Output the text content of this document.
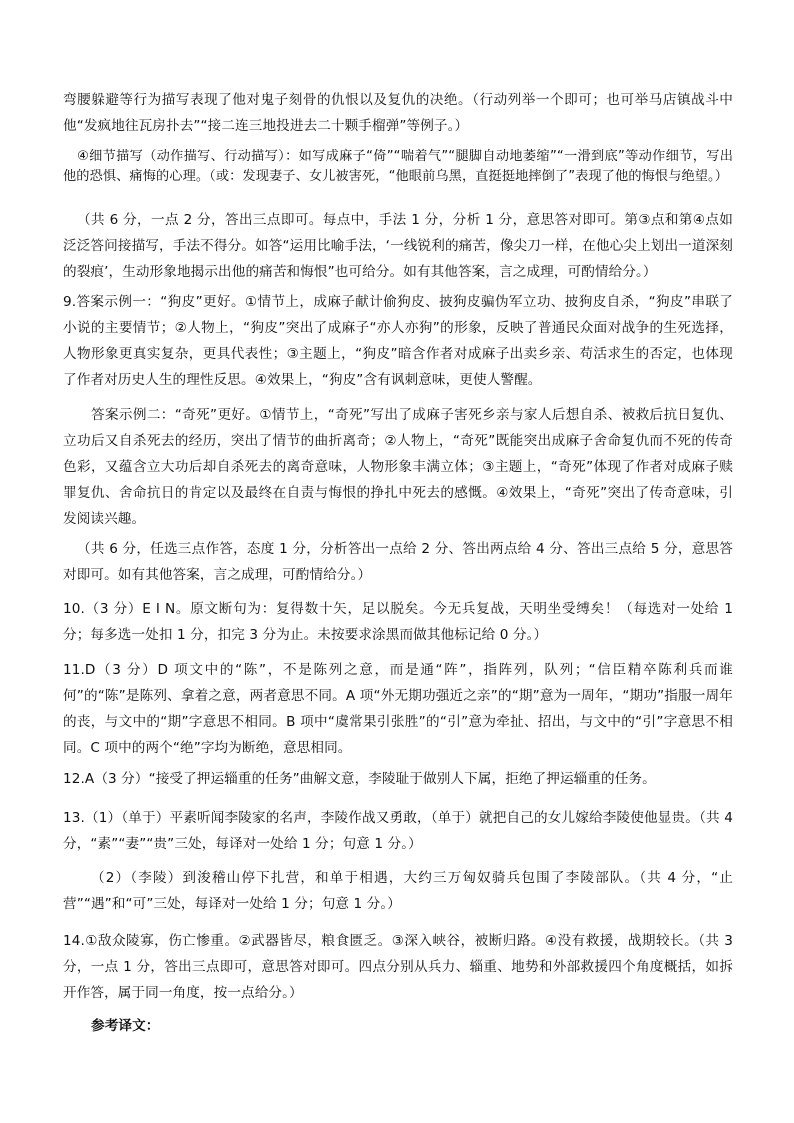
弯腰躲避等行为描写表现了他对鬼子刻骨的仇恨以及复仇的决绝。（行动列举一个即可；也可举马店镇战斗中他“发疯地往瓦房扑去”“接二连三地投进去二十颗手榴弹”等例子。）

④细节描写（动作描写、行动描写）：如写成麻子“倚”“喘着气”“腿脚自动地萎缩”“一滑到底”等动作细节，写出他的恐惧、痛悔的心理。（或：发现妻子、女儿被害死，“他眼前乌黑，直挺挺地摔倒了”表现了他的悔恨与绝望。）

（共 6 分，一点 2 分，答出三点即可。每点中，手法 1 分，分析 1 分，意思答对即可。第③点和第④点如泛泛答问接描写，手法不得分。如答“运用比喻手法，‘一线锐利的痛苦，像尖刀一样，在他心尖上划出一道深刻的裂痕’，生动形象地揭示出他的痛苦和悔恨”也可给分。如有其他答案，言之成理，可酌情给分。）

9.答案示例一：“狗皮”更好。①情节上，成麻子献计偷狗皮、披狗皮骗伪军立功、披狗皮自杀，“狗皮”串联了小说的主要情节；②人物上，“狗皮”突出了成麻子“亦人亦狗”的形象，反映了普通民众面对战争的生死选择，人物形象更真实复杂，更具代表性；③主题上，“狗皮”暗含作者对成麻子出卖乡亲、苟活求生的否定，也体现了作者对历史人生的理性反思。④效果上，“狗皮”含有讽刺意味，更使人警醒。

答案示例二：“奇死”更好。①情节上，“奇死”写出了成麻子害死乡亲与家人后想自杀、被救后抗日复仇、立功后又自杀死去的经历，突出了情节的曲折离奇；②人物上，“奇死”既能突出成麻子舍命复仇而不死的传奇色彩，又蕴含立大功后却自杀死去的离奇意味，人物形象丰满立体；③主题上，“奇死”体现了作者对成麻子赎罪复仇、舍命抗日的肯定以及最终在自责与悔恨的挣扎中死去的感慨。④效果上，“奇死”突出了传奇意味，引发阅读兴趣。

（共 6 分，任选三点作答，态度 1 分，分析答出一点给 2 分、答出两点给 4 分、答出三点给 5 分，意思答对即可。如有其他答案，言之成理，可酌情给分。）

10.（3 分）E I N。原文断句为：复得数十矢，足以脱矣。今无兵复战，天明坐受缚矣！（每选对一处给 1 分；每多选一处扣 1 分，扣完 3 分为止。未按要求涂黑而做其他标记给 0 分。）

11.D（3 分）D 项文中的“陈”，不是陈列之意，而是通“阵”，指阵列，队列；“信臣精卒陈利兵而谁何”的“陈”是陈列、拿着之意，两者意思不同。A 项“外无期功强近之亲”的“期”意为一周年，“期功”指服一周年的丧，与文中的“期”字意思不相同。B 项中“虞常果引张胜”的“引”意为牵扯、招出，与文中的“引”字意思不相同。C 项中的两个“绝”字均为断绝，意思相同。

12.A（3 分）“接受了押运辎重的任务”曲解文意，李陵耻于做别人下属，拒绝了押运辎重的任务。

13.（1）（单于）平素听闻李陵家的名声，李陵作战又勇敢，（单于）就把自己的女儿嫁给李陵使他显贵。（共 4 分，“素”“妻”“贵”三处，每译对一处给 1 分；句意 1 分。）

（2）（李陵）到浚稽山停下扎营，和单于相遇，大约三万匈奴骑兵包围了李陵部队。（共 4 分，“止营”“遇”和“可”三处，每译对一处给 1 分；句意 1 分。）

14.①敌众陵寡，伤亡惨重。②武器皆尽，粮食匮乏。③深入峡谷，被断归路。④没有救援，战期较长。（共 3 分，一点 1 分，答出三点即可，意思答对即可。四点分别从兵力、辎重、地势和外部救援四个角度概括，如拆开作答，属于同一角度，按一点给分。）

参考译文：
